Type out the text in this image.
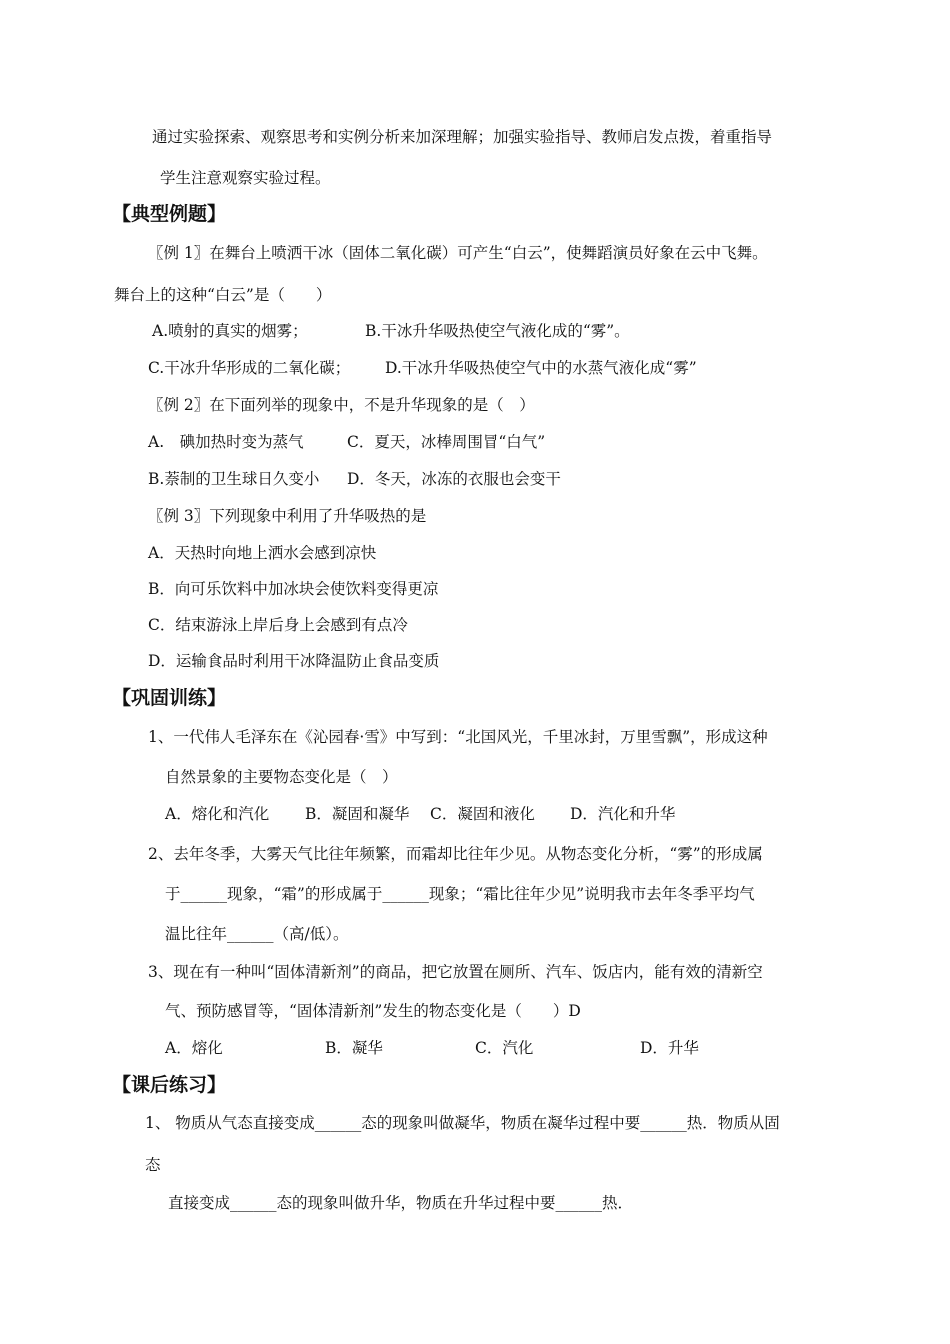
通过实验探索、观察思考和实例分析来加深理解；加强实验指导、教师启发点拨，着重指导
学生注意观察实验过程。
【典型例题】
〖例 1〗在舞台上喷洒干冰（固体二氧化碳）可产生“白云”，使舞蹈演员好象在云中飞舞。
舞台上的这种“白云”是（　　）
A.喷射的真实的烟雾；	B.干冰升华吸热使空气液化成的“雾”。
C.干冰升华形成的二氧化碳； D.干冰升华吸热使空气中的水蒸气液化成“雾”
〖例 2〗在下面列举的现象中，不是升华现象的是（　）
A.　碘加热时变为蒸气	C．夏天，冰棒周围冒“白气”
B.萘制的卫生球日久变小 D．冬天，冰冻的衣服也会变干
〖例 3〗下列现象中利用了升华吸热的是
A．天热时向地上洒水会感到凉快
B．向可乐饮料中加冰块会使饮料变得更凉
C．结束游泳上岸后身上会感到有点冷
D．运输食品时利用干冰降温防止食品变质
【巩固训练】
1、一代伟人毛泽东在《沁园春·雪》中写到：“北国风光，千里冰封，万里雪飘”，形成这种
自然景象的主要物态变化是（　）
A．熔化和汽化 B．凝固和凝华 C．凝固和液化 D．汽化和升华
2、去年冬季，大雾天气比往年频繁，而霜却比往年少见。从物态变化分析，“雾”的形成属
于______现象，“霜”的形成属于______现象；“霜比往年少见”说明我市去年冬季平均气
温比往年______（高/低）。
3、现在有一种叫“固体清新剂”的商品，把它放置在厕所、汽车、饭店内，能有效的清新空
气、预防感冒等，“固体清新剂”发生的物态变化是（　　）D
A．熔化	B．凝华	C．汽化	D．升华
【课后练习】
1、 物质从气态直接变成______态的现象叫做凝华，物质在凝华过程中要______热．物质从固
态
直接变成______态的现象叫做升华，物质在升华过程中要______热．
